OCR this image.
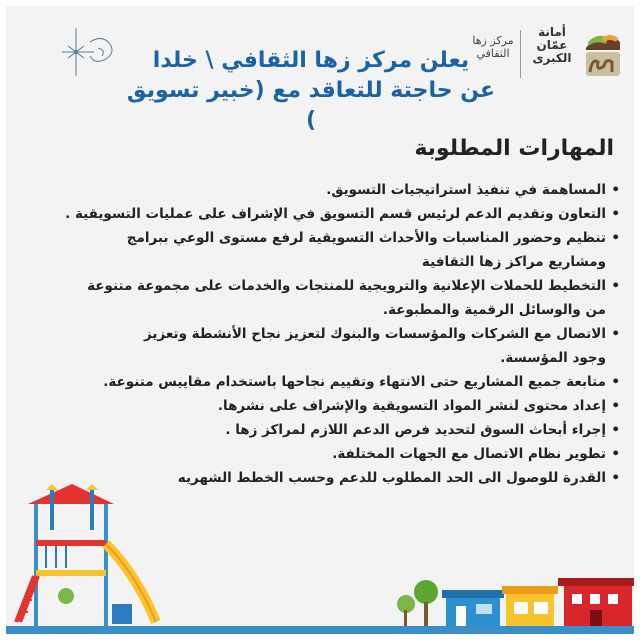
مركز زها
الثقافي
أمانة
عمّان
الكبرى
يعلن مركز زها الثقافي \ خلدا
عن حاجتة للتعاقد مع (خبير تسويق )
المهارات المطلوبة
•المساهمة في تنفيذ استراتيجيات التسويق.
•التعاون وتقديم الدعم لرئيس قسم التسويق في الإشراف على عمليات التسويقية .
•تنظيم وحضور المناسبات والأحداث التسويقية لرفع مستوى الوعي ببرامج
ومشاريع مراكز زها الثقافية
•التخطيط للحملات الإعلانية والترويجية للمنتجات والخدمات على مجموعة متنوعة
من والوسائل الرقمية والمطبوعة.
•الاتصال مع الشركات والمؤسسات والبنوك لتعزيز نجاح الأنشطة وتعزيز
وجود المؤسسة.
•متابعة جميع المشاريع حتى الانتهاء وتقييم نجاحها باستخدام مقاييس متنوعة.
•إعداد محتوى لنشر المواد التسويقية والإشراف على نشرها.
•إجراء أبحاث السوق لتحديد فرص الدعم اللازم لمراكز زها .
•تطوير نظام الاتصال مع الجهات المختلفة.
•القدرة للوصول الى الحد المطلوب للدعم وحسب الخطط الشهريه
